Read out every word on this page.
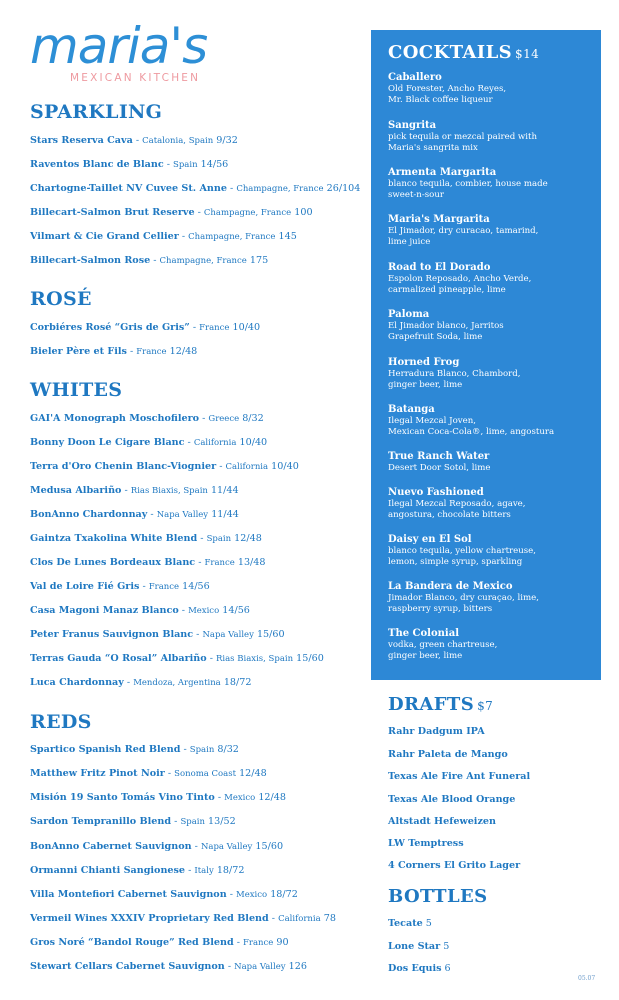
maria's
MEXICAN KITCHEN
SPARKLING
Stars Reserva Cava - Catalonia, Spain 9/32
Raventos Blanc de Blanc - Spain 14/56
Chartogne-Taillet NV Cuvee St. Anne - Champagne, France 26/104
Billecart-Salmon Brut Reserve - Champagne, France 100
Vilmart & Cie Grand Cellier - Champagne, France 145
Billecart-Salmon Rose - Champagne, France 175
ROSÉ
Corbiéres Rosé “Gris de Gris” - France 10/40
Bieler Père et Fils - France 12/48
WHITES
GAI'A Monograph Moschofilero - Greece 8/32
Bonny Doon Le Cigare Blanc - California 10/40
Terra d'Oro Chenin Blanc-Viognier - California 10/40
Medusa Albariño - Rias Biaxis, Spain 11/44
BonAnno Chardonnay - Napa Valley 11/44
Gaintza Txakolina White Blend - Spain 12/48
Clos De Lunes Bordeaux Blanc - France 13/48
Val de Loire Fié Gris - France 14/56
Casa Magoni Manaz Blanco - Mexico 14/56
Peter Franus Sauvignon Blanc - Napa Valley 15/60
Terras Gauda “O Rosal” Albariño - Rias Biaxis, Spain 15/60
Luca Chardonnay - Mendoza, Argentina 18/72
REDS
Spartico Spanish Red Blend - Spain 8/32
Matthew Fritz Pinot Noir - Sonoma Coast 12/48
Misión 19 Santo Tomás Vino Tinto - Mexico 12/48
Sardon Tempranillo Blend - Spain 13/52
BonAnno Cabernet Sauvignon - Napa Valley 15/60
Ormanni Chianti Sangionese - Italy 18/72
Villa Montefiori Cabernet Sauvignon - Mexico 18/72
Vermeil Wines XXXIV Proprietary Red Blend - California 78
Gros Noré “Bandol Rouge” Red Blend - France 90
Stewart Cellars Cabernet Sauvignon - Napa Valley 126
COCKTAILS $14
Caballero
Old Forester, Ancho Reyes,
Mr. Black coffee liqueur
Sangrita
pick tequila or mezcal paired with
Maria's sangrita mix
Armenta Margarita
blanco tequila, combier, house made
sweet-n-sour
Maria's Margarita
El Jimador, dry curacao, tamarind,
lime juice
Road to El Dorado
Espolon Reposado, Ancho Verde,
carmalized pineapple, lime
Paloma
El Jimador blanco, Jarritos
Grapefruit Soda, lime
Horned Frog
Herradura Blanco, Chambord,
ginger beer, lime
Batanga
Ilegal Mezcal Joven,
Mexican Coca-Cola®, lime, angostura
True Ranch Water
Desert Door Sotol, lime
Nuevo Fashioned
Ilegal Mezcal Reposado, agave,
angostura, chocolate bitters
Daisy en El Sol
blanco tequila, yellow chartreuse,
lemon, simple syrup, sparkling
La Bandera de Mexico
Jimador Blanco, dry curaçao, lime,
raspberry syrup, bitters
The Colonial
vodka, green chartreuse,
ginger beer, lime
DRAFTS $7
Rahr Dadgum IPA
Rahr Paleta de Mango
Texas Ale Fire Ant Funeral
Texas Ale Blood Orange
Altstadt Hefeweizen
LW Temptress
4 Corners El Grito Lager
BOTTLES
Tecate 5
Lone Star 5
Dos Equis 6
05.07
